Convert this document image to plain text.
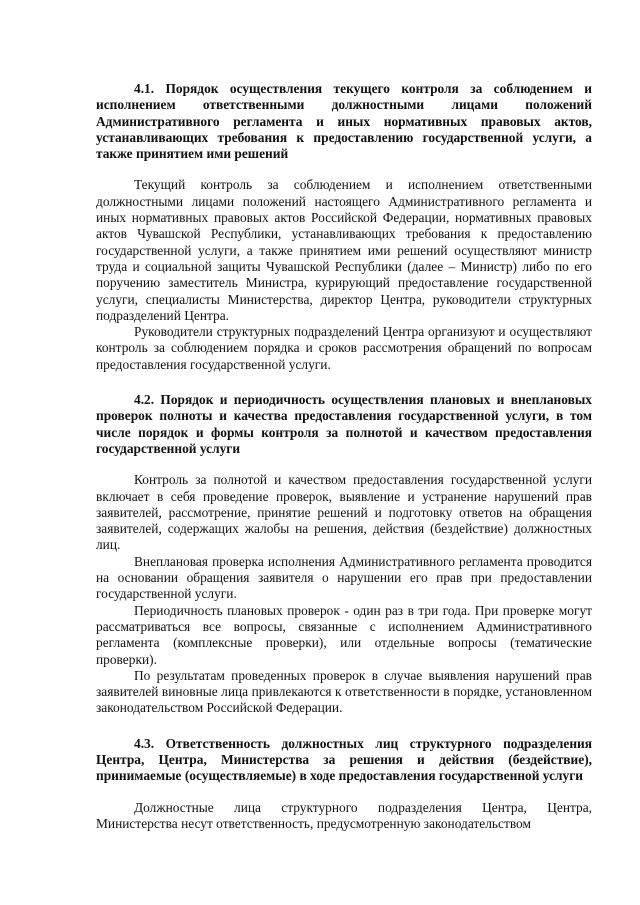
4.1. Порядок осуществления текущего контроля за соблюдением и исполнением ответственными должностными лицами положений Административного регламента и иных нормативных правовых актов, устанавливающих требования к предоставлению государственной услуги, а также принятием ими решений

Текущий контроль за соблюдением и исполнением ответственными должностными лицами положений настоящего Административного регламента и иных нормативных правовых актов Российской Федерации, нормативных правовых актов Чувашской Республики, устанавливающих требования к предоставлению государственной услуги, а также принятием ими решений осуществляют министр труда и социальной защиты Чувашской Республики (далее – Министр) либо по его поручению заместитель Министра, курирующий предоставление государственной услуги, специалисты Министерства, директор Центра, руководители структурных подразделений Центра.

Руководители структурных подразделений Центра организуют и осуществляют контроль за соблюдением порядка и сроков рассмотрения обращений по вопросам предоставления государственной услуги.

4.2. Порядок и периодичность осуществления плановых и внеплановых проверок полноты и качества предоставления государственной услуги, в том числе порядок и формы контроля за полнотой и качеством предоставления государственной услуги

Контроль за полнотой и качеством предоставления государственной услуги включает в себя проведение проверок, выявление и устранение нарушений прав заявителей, рассмотрение, принятие решений и подготовку ответов на обращения заявителей, содержащих жалобы на решения, действия (бездействие) должностных лиц.

Внеплановая проверка исполнения Административного регламента проводится на основании обращения заявителя о нарушении его прав при предоставлении государственной услуги.

Периодичность плановых проверок - один раз в три года. При проверке могут рассматриваться все вопросы, связанные с исполнением Административного регламента (комплексные проверки), или отдельные вопросы (тематические проверки).

По результатам проведенных проверок в случае выявления нарушений прав заявителей виновные лица привлекаются к ответственности в порядке, установленном законодательством Российской Федерации.

4.3. Ответственность должностных лиц структурного подразделения Центра, Центра, Министерства за решения и действия (бездействие), принимаемые (осуществляемые) в ходе предоставления государственной услуги

Должностные лица структурного подразделения Центра, Центра, Министерства несут ответственность, предусмотренную законодательством
